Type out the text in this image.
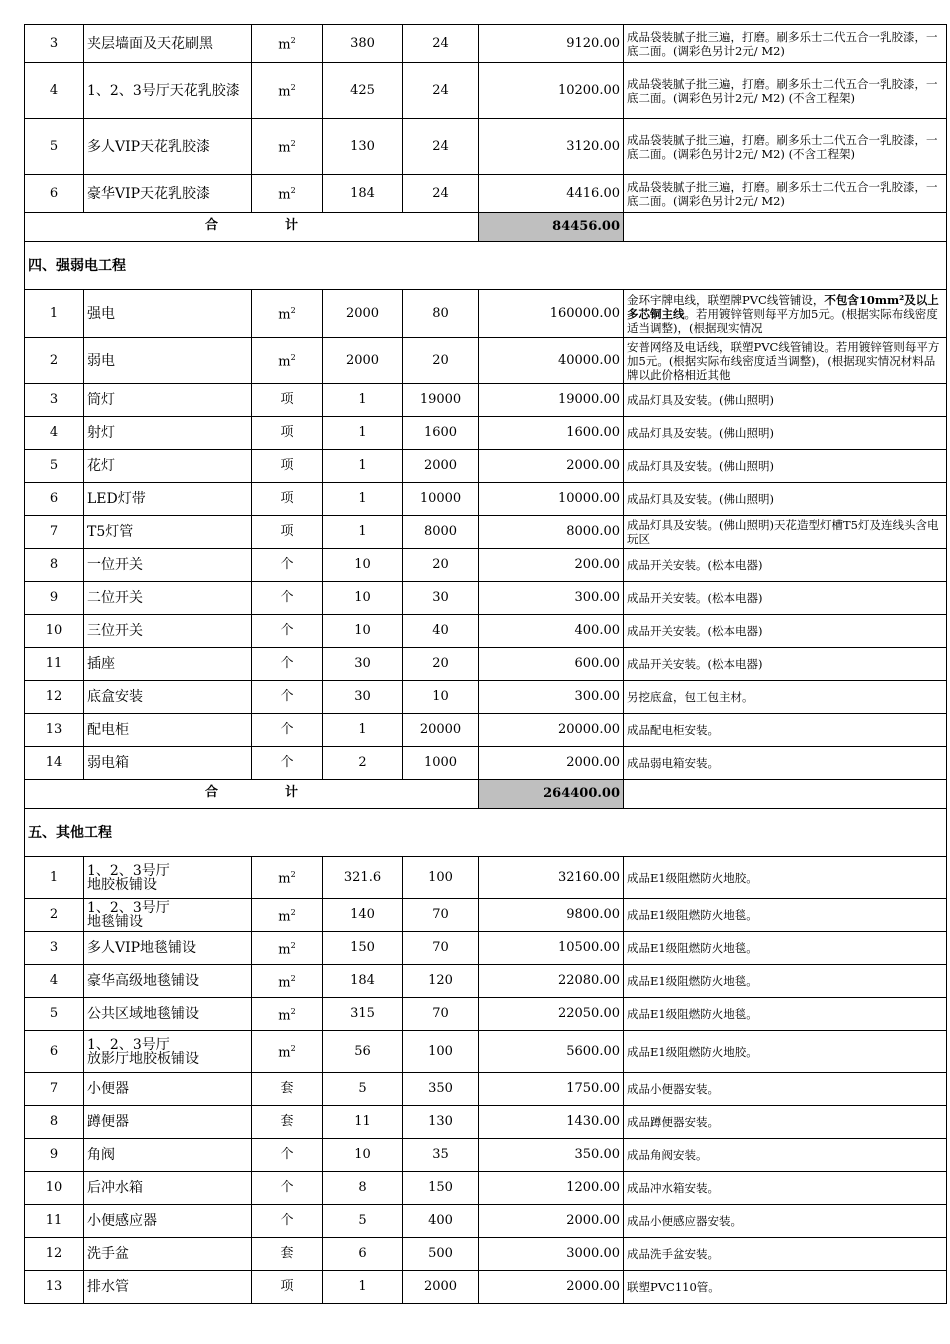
3	夹层墙面及天花刷黑	$m^2$	380	24	9120.00	成品袋装腻子批三遍，打磨。刷多乐士二代五合一乳胶漆，一底二面。(调彩色另计2元/ M2)
4	1、2、3号厅天花乳胶漆	$m^2$	425	24	10200.00	成品袋装腻子批三遍，打磨。刷多乐士二代五合一乳胶漆，一底二面。(调彩色另计2元/ M2) (不含工程架)
5	多人VIP天花乳胶漆	$m^2$	130	24	3120.00	成品袋装腻子批三遍，打磨。刷多乐士二代五合一乳胶漆，一底二面。(调彩色另计2元/ M2) (不含工程架)
6	豪华VIP天花乳胶漆	$m^2$	184	24	4416.00	成品袋装腻子批三遍，打磨。刷多乐士二代五合一乳胶漆，一底二面。(调彩色另计2元/ M2)

合 计					84456.00	
四、强弱电工程						
1	强电	$m^2$	2000	80	160000.00	金环宇牌电线，联塑牌PVC线管铺设，不包含10mm²及以上多芯铜主线。若用镀锌管则每平方加5元。(根据实际布线密度适当调整)，(根据现实情况
2	弱电	$m^2$	2000	20	40000.00	安普网络及电话线，联塑PVC线管铺设。若用镀锌管则每平方加5元。(根据实际布线密度适当调整)，(根据现实情况材料品牌以此价格相近其他
3	筒灯	项	1	19000	19000.00	成品灯具及安装。(佛山照明)
4	射灯	项	1	1600	1600.00	成品灯具及安装。(佛山照明)
5	花灯	项	1	2000	2000.00	成品灯具及安装。(佛山照明)
6	LED灯带	项	1	10000	10000.00	成品灯具及安装。(佛山照明)
7	T5灯管	项	1	8000	8000.00	成品灯具及安装。(佛山照明)天花造型灯槽T5灯及连线头含电玩区
8	一位开关	个	10	20	200.00	成品开关安装。(松本电器)
9	二位开关	个	10	30	300.00	成品开关安装。(松本电器)
10	三位开关	个	10	40	400.00	成品开关安装。(松本电器)
11	插座	个	30	20	600.00	成品开关安装。(松本电器)
12	底盒安装	个	30	10	300.00	另挖底盒，包工包主材。
13	配电柜	个	1	20000	20000.00	成品配电柜安装。
14	弱电箱	个	2	1000	2000.00	成品弱电箱安装。

合 计					264400.00	
五、其他工程						
1	1、2、3号厅
地胶板铺设	$m^2$	321.6	100	32160.00	成品E1级阻燃防火地胶。
2	1、2、3号厅
地毯铺设	$m^2$	140	70	9800.00	成品E1级阻燃防火地毯。
3	多人VIP地毯铺设	$m^2$	150	70	10500.00	成品E1级阻燃防火地毯。
4	豪华高级地毯铺设	$m^2$	184	120	22080.00	成品E1级阻燃防火地毯。
5	公共区域地毯铺设	$m^2$	315	70	22050.00	成品E1级阻燃防火地毯。
6	1、2、3号厅
放影厅地胶板铺设	$m^2$	56	100	5600.00	成品E1级阻燃防火地胶。
7	小便器	套	5	350	1750.00	成品小便器安装。
8	蹲便器	套	11	130	1430.00	成品蹲便器安装。
9	角阀	个	10	35	350.00	成品角阀安装。
10	后冲水箱	个	8	150	1200.00	成品冲水箱安装。
11	小便感应器	个	5	400	2000.00	成品小便感应器安装。
12	洗手盆	套	6	500	3000.00	成品洗手盆安装。
13	排水管	项	1	2000	2000.00	联塑PVC110管。
